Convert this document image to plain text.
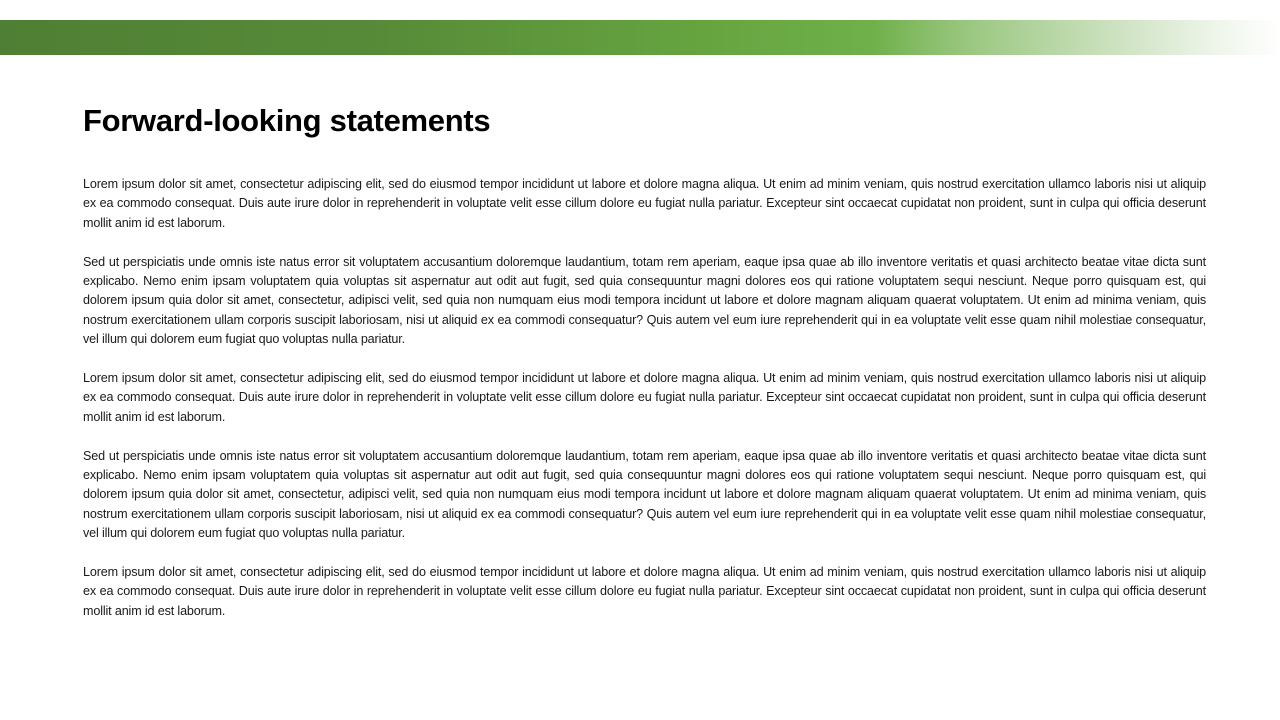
Forward-looking statements

Lorem ipsum dolor sit amet, consectetur adipiscing elit, sed do eiusmod tempor incididunt ut labore et dolore magna aliqua. Ut enim ad minim veniam, quis nostrud exercitation ullamco laboris nisi ut aliquip ex ea commodo consequat. Duis aute irure dolor in reprehenderit in voluptate velit esse cillum dolore eu fugiat nulla pariatur. Excepteur sint occaecat cupidatat non proident, sunt in culpa qui officia deserunt mollit anim id est laborum.

Sed ut perspiciatis unde omnis iste natus error sit voluptatem accusantium doloremque laudantium, totam rem aperiam, eaque ipsa quae ab illo inventore veritatis et quasi architecto beatae vitae dicta sunt explicabo. Nemo enim ipsam voluptatem quia voluptas sit aspernatur aut odit aut fugit, sed quia consequuntur magni dolores eos qui ratione voluptatem sequi nesciunt. Neque porro quisquam est, qui dolorem ipsum quia dolor sit amet, consectetur, adipisci velit, sed quia non numquam eius modi tempora incidunt ut labore et dolore magnam aliquam quaerat voluptatem. Ut enim ad minima veniam, quis nostrum exercitationem ullam corporis suscipit laboriosam, nisi ut aliquid ex ea commodi consequatur? Quis autem vel eum iure reprehenderit qui in ea voluptate velit esse quam nihil molestiae consequatur, vel illum qui dolorem eum fugiat quo voluptas nulla pariatur.

Lorem ipsum dolor sit amet, consectetur adipiscing elit, sed do eiusmod tempor incididunt ut labore et dolore magna aliqua. Ut enim ad minim veniam, quis nostrud exercitation ullamco laboris nisi ut aliquip ex ea commodo consequat. Duis aute irure dolor in reprehenderit in voluptate velit esse cillum dolore eu fugiat nulla pariatur. Excepteur sint occaecat cupidatat non proident, sunt in culpa qui officia deserunt mollit anim id est laborum.

Sed ut perspiciatis unde omnis iste natus error sit voluptatem accusantium doloremque laudantium, totam rem aperiam, eaque ipsa quae ab illo inventore veritatis et quasi architecto beatae vitae dicta sunt explicabo. Nemo enim ipsam voluptatem quia voluptas sit aspernatur aut odit aut fugit, sed quia consequuntur magni dolores eos qui ratione voluptatem sequi nesciunt. Neque porro quisquam est, qui dolorem ipsum quia dolor sit amet, consectetur, adipisci velit, sed quia non numquam eius modi tempora incidunt ut labore et dolore magnam aliquam quaerat voluptatem. Ut enim ad minima veniam, quis nostrum exercitationem ullam corporis suscipit laboriosam, nisi ut aliquid ex ea commodi consequatur? Quis autem vel eum iure reprehenderit qui in ea voluptate velit esse quam nihil molestiae consequatur, vel illum qui dolorem eum fugiat quo voluptas nulla pariatur.

Lorem ipsum dolor sit amet, consectetur adipiscing elit, sed do eiusmod tempor incididunt ut labore et dolore magna aliqua. Ut enim ad minim veniam, quis nostrud exercitation ullamco laboris nisi ut aliquip ex ea commodo consequat. Duis aute irure dolor in reprehenderit in voluptate velit esse cillum dolore eu fugiat nulla pariatur. Excepteur sint occaecat cupidatat non proident, sunt in culpa qui officia deserunt mollit anim id est laborum.
